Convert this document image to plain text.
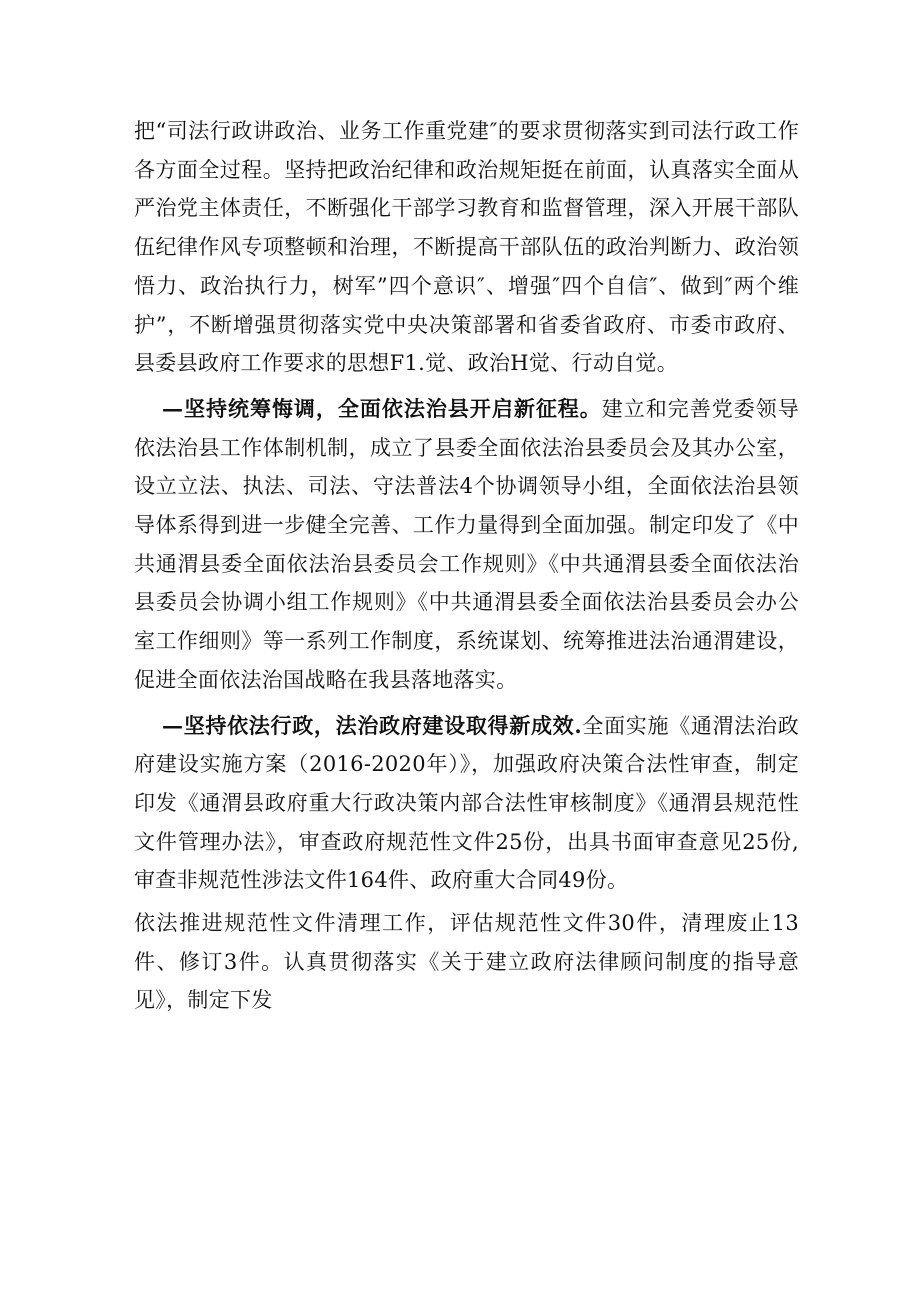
把“司法行政讲政治、业务工作重党建″的要求贯彻落实到司法行政工作各方面全过程。坚持把政治纪律和政治规矩挺在前面，认真落实全面从严治党主体责任，不断强化干部学习教育和监督管理，深入开展干部队伍纪律作风专项整顿和治理，不断提高干部队伍的政治判断力、政治领悟力、政治执行力，树军”四个意识″、增强″四个自信″、做到″两个维护”，不断增强贯彻落实党中央决策部署和省委省政府、市委市政府、县委县政府工作要求的思想F1.觉、政治H觉、行动自觉。

—坚持统筹悔调，全面依法治县开启新征程。建立和完善党委领导依法治县工作体制机制，成立了县委全面依法治县委员会及其办公室，设立立法、执法、司法、守法普法4个协调领导小组，全面依法治县领导体系得到进一步健全完善、工作力量得到全面加强。制定印发了《中共通渭县委全面依法治县委员会工作规则》《中共通渭县委全面依法治县委员会协调小组工作规则》《中共通渭县委全面依法治县委员会办公室工作细则》等一系列工作制度，系统谋划、统筹推进法治通渭建设，促进全面依法治国战略在我县落地落实。

—坚持依法行政，法治政府建设取得新成效.全面实施《通渭法治政府建设实施方案（2016-2020年）》，加强政府决策合法性审查，制定印发《通渭县政府重大行政决策内部合法性审核制度》《通渭县规范性文件管理办法》，审查政府规范性文件25份，出具书面审查意见25份,审查非规范性涉法文件164件、政府重大合同49份。

依法推进规范性文件清理工作，评估规范性文件30件，清理废止13件、修订3件。认真贯彻落实《关于建立政府法律顾问制度的指导意见》，制定下发
